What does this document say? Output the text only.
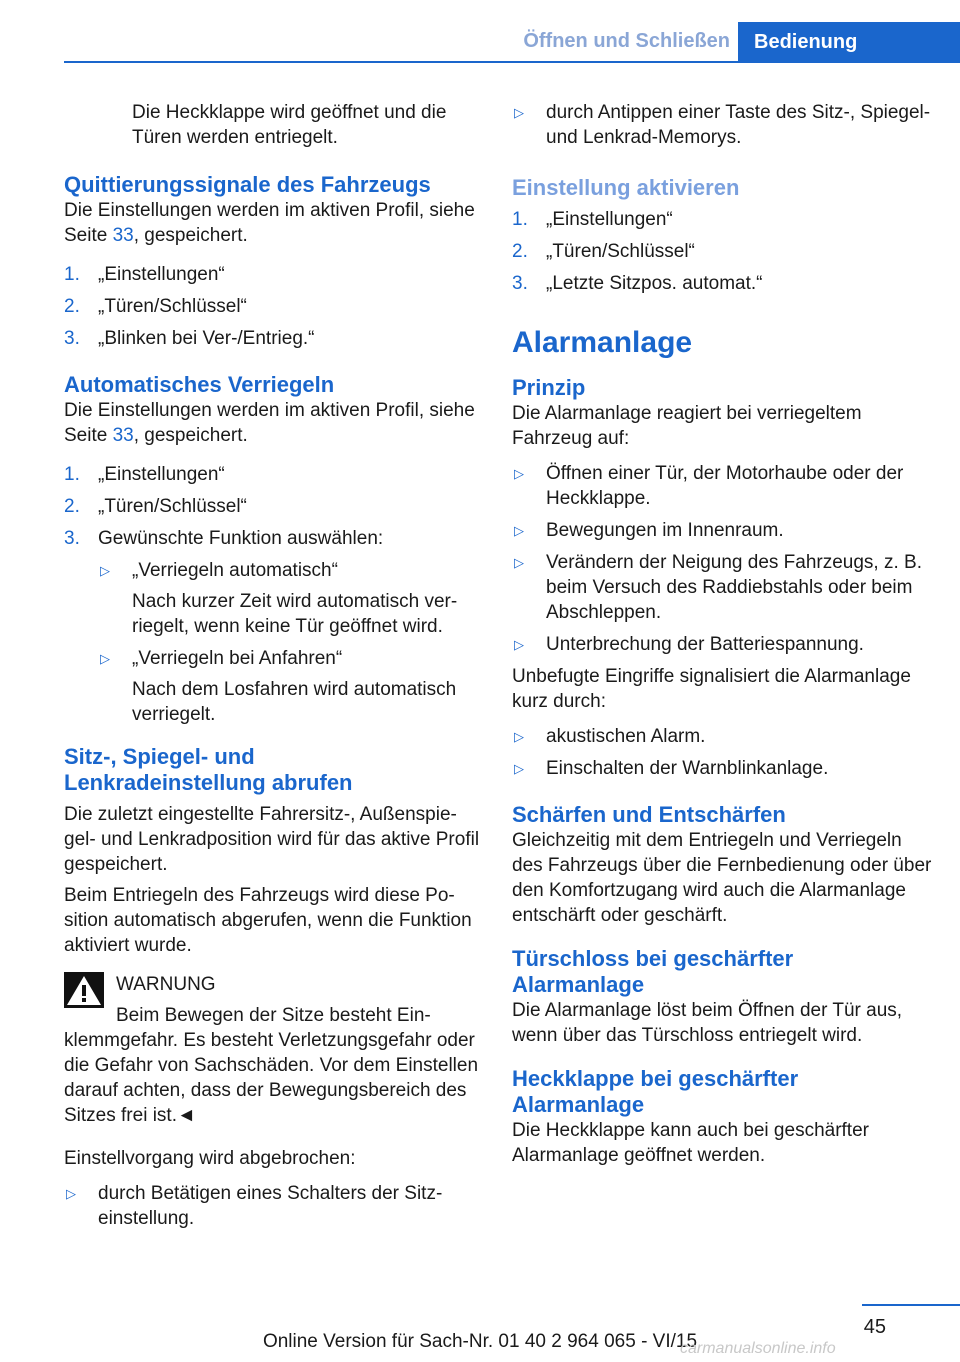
Öffnen und Schließen	Bedienung

Die Heckklappe wird geöffnet und die Türen werden entriegelt.

Quittierungssignale des Fahrzeugs

Die Einstellungen werden im aktiven Profil, siehe Seite 33, gespeichert.

1. „Einstellungen“
2. „Türen/Schlüssel“
3. „Blinken bei Ver-/Entrieg.“
Automatisches Verriegeln

Die Einstellungen werden im aktiven Profil, siehe Seite 33, gespeichert.

1. „Einstellungen“
2. „Türen/Schlüssel“
3. Gewünschte Funktion auswählen:
▷ „Verriegeln automatisch“
Nach kurzer Zeit wird automatisch verriegelt, wenn keine Tür geöffnet wird.
▷ „Verriegeln bei Anfahren“
Nach dem Losfahren wird automatisch verriegelt.
Sitz-, Spiegel- und
Lenkradeinstellung abrufen

Die zuletzt eingestellte Fahrersitz-, Außenspiegel- und Lenkradposition wird für das aktive Profil gespeichert.

Beim Entriegeln des Fahrzeugs wird diese Position automatisch abgerufen, wenn die Funktion aktiviert wurde.

WARNUNG
Beim Bewegen der Sitze besteht Einklemmgefahr. Es besteht Verletzungsgefahr oder die Gefahr von Sachschäden. Vor dem Einstellen darauf achten, dass der Bewegungsbereich des Sitzes frei ist.◄

Einstellvorgang wird abgebrochen:

▷ durch Betätigen eines Schalters der Sitzeinstellung.
▷ durch Antippen einer Taste des Sitz-, Spiegel- und Lenkrad-Memorys.
Einstellung aktivieren
1. „Einstellungen“
2. „Türen/Schlüssel“
3. „Letzte Sitzpos. automat.“
Alarmanlage
Prinzip

Die Alarmanlage reagiert bei verriegeltem Fahrzeug auf:

▷ Öffnen einer Tür, der Motorhaube oder der Heckklappe.
▷ Bewegungen im Innenraum.
▷ Verändern der Neigung des Fahrzeugs, z. B. beim Versuch des Raddiebstahls oder beim Abschleppen.
▷ Unterbrechung der Batteriespannung.

Unbefugte Eingriffe signalisiert die Alarmanlage kurz durch:

▷ akustischen Alarm.
▷ Einschalten der Warnblinkanlage.
Schärfen und Entschärfen

Gleichzeitig mit dem Entriegeln und Verriegeln des Fahrzeugs über die Fernbedienung oder über den Komfortzugang wird auch die Alarmanlage entschärft oder geschärft.

Türschloss bei geschärfter
Alarmanlage

Die Alarmanlage löst beim Öffnen der Tür aus, wenn über das Türschloss entriegelt wird.

Heckklappe bei geschärfter
Alarmanlage

Die Heckklappe kann auch bei geschärfter Alarmanlage geöffnet werden.

45
Online Version für Sach-Nr. 01 40 2 964 065 - VI/15
carmanualsonline.info
